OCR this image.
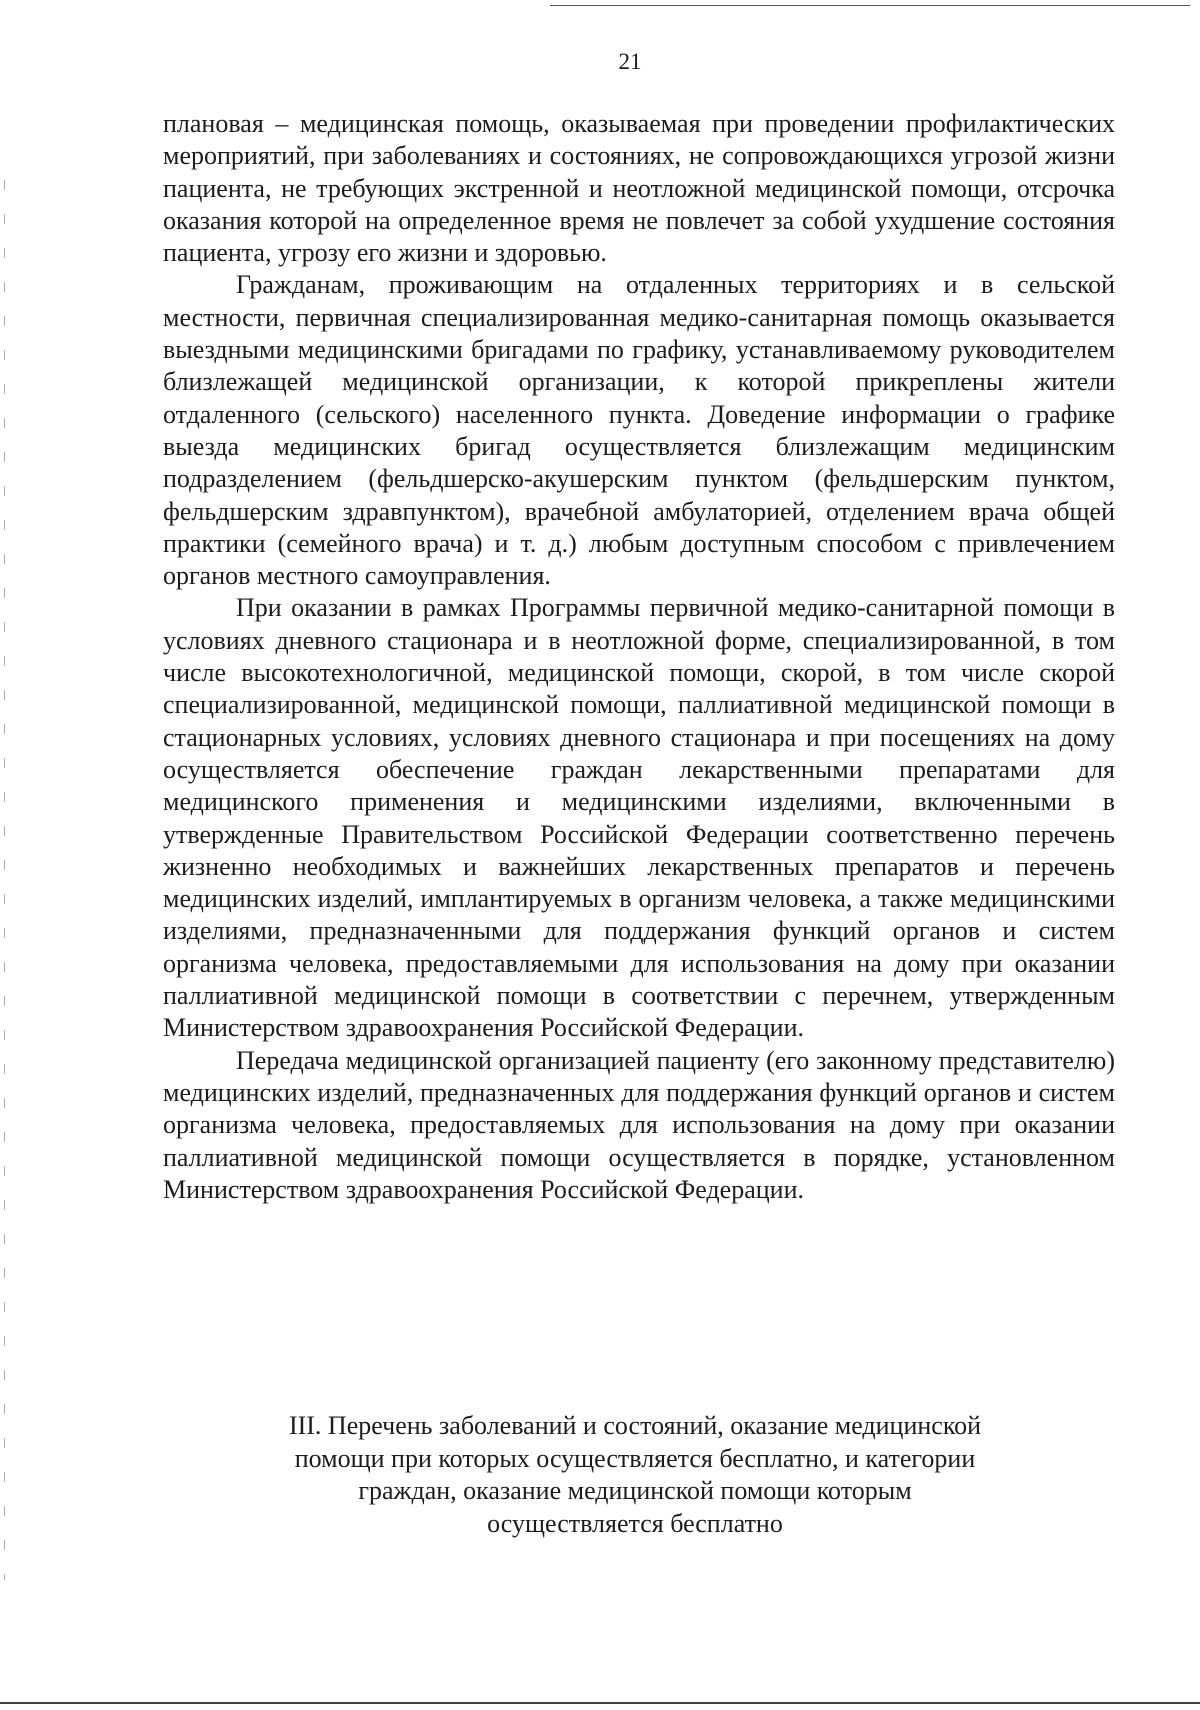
21

плановая – медицинская помощь, оказываемая при проведении профилактических мероприятий, при заболеваниях и состояниях, не сопровождающихся угрозой жизни пациента, не требующих экстренной и неотложной медицинской помощи, отсрочка оказания которой на определенное время не повлечет за собой ухудшение состояния пациента, угрозу его жизни и здоровью.

Гражданам, проживающим на отдаленных территориях и в сельской местности, первичная специализированная медико-санитарная помощь оказывается выездными медицинскими бригадами по графику, устанавливаемому руководителем близлежащей медицинской организации, к которой прикреплены жители отдаленного (сельского) населенного пункта. Доведение информации о графике выезда медицинских бригад осуществляется близлежащим медицинским подразделением (фельдшерско-акушерским пунктом (фельдшерским пунктом, фельдшерским здравпунктом), врачебной амбулаторией, отделением врача общей практики (семейного врача) и т. д.) любым доступным способом с привлечением органов местного самоуправления.

При оказании в рамках Программы первичной медико-санитарной помощи в условиях дневного стационара и в неотложной форме, специализированной, в том числе высокотехнологичной, медицинской помощи, скорой, в том числе скорой специализированной, медицинской помощи, паллиативной медицинской помощи в стационарных условиях, условиях дневного стационара и при посещениях на дому осуществляется обеспечение граждан лекарственными препаратами для медицинского применения и медицинскими изделиями, включенными в утвержденные Правительством Российской Федерации соответственно перечень жизненно необходимых и важнейших лекарственных препаратов и перечень медицинских изделий, имплантируемых в организм человека, а также медицинскими изделиями, предназначенными для поддержания функций органов и систем организма человека, предоставляемыми для использования на дому при оказании паллиативной медицинской помощи в соответствии с перечнем, утвержденным Министерством здравоохранения Российской Федерации.

Передача медицинской организацией пациенту (его законному представителю) медицинских изделий, предназначенных для поддержания функций органов и систем организма человека, предоставляемых для использования на дому при оказании паллиативной медицинской помощи осуществляется в порядке, установленном Министерством здравоохранения Российской Федерации.

III. Перечень заболеваний и состояний, оказание медицинской
помощи при которых осуществляется бесплатно, и категории
граждан, оказание медицинской помощи которым
осуществляется бесплатно
